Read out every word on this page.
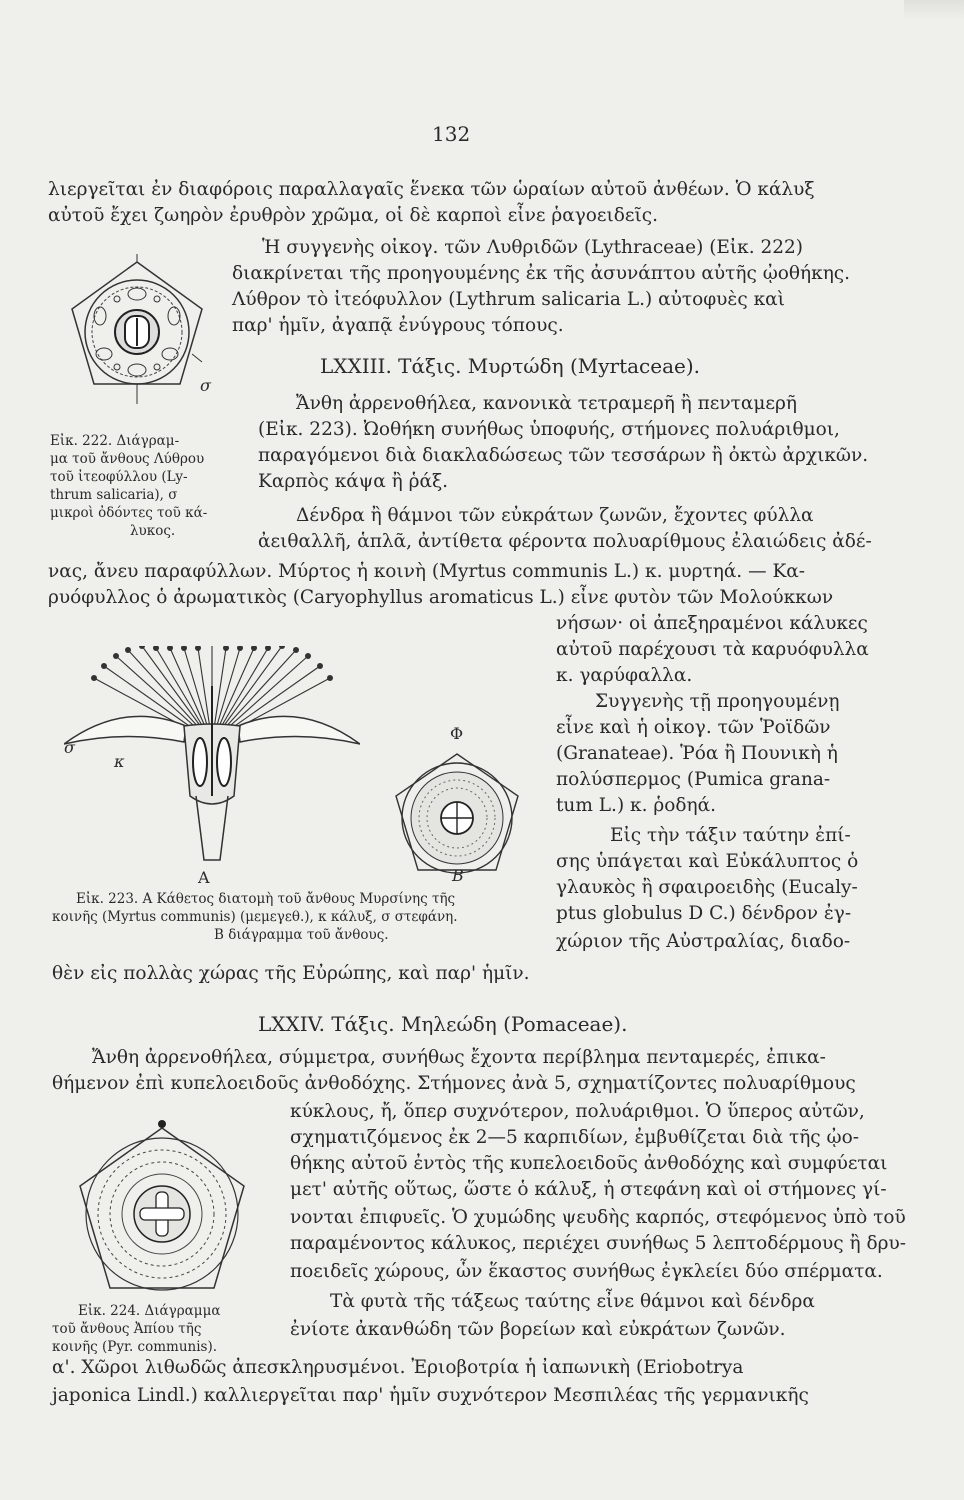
132
λιεργεῖται ἐν διαφόροις παραλλαγαῖς ἕνεκα τῶν ὡραίων αὐτοῦ ἀνθέων. Ὁ κάλυξ
αὐτοῦ ἔχει ζωηρὸν ἐρυθρὸν χρῶμα, οἱ δὲ καρποὶ εἶνε ῥαγοειδεῖς.
Ἡ συγγενὴς οἰκογ. τῶν Λυθριδῶν (Lythraceae) (Εἰκ. 222)
διακρίνεται τῆς προηγουμένης ἐκ τῆς ἀσυνάπτου αὐτῆς ᾠοθήκης.
Λύθρον τὸ ἰτεόφυλλον (Lythrum salicaria L.) αὐτοφυὲς καὶ
παρ' ἡμῖν, ἀγαπᾷ ἐνύγρους τόπους.
LXXIII. Τάξις. Μυρτώδη (Myrtaceae).
Ἄνθη ἀρρενοθήλεα, κανονικὰ τετραμερῆ ἢ πενταμερῆ
(Εἰκ. 223). Ὠοθήκη συνήθως ὑποφυής, στήμονες πολυάριθμοι,
παραγόμενοι διὰ διακλαδώσεως τῶν τεσσάρων ἢ ὀκτὼ ἀρχικῶν.
Καρπὸς κάψα ἢ ῥάξ.
Δένδρα ἢ θάμνοι τῶν εὐκράτων ζωνῶν, ἔχοντες φύλλα
ἀειθαλλῆ, ἁπλᾶ, ἀντίθετα φέροντα πολυαρίθμους ἐλαιώδεις ἀδέ-
νας, ἄνευ παραφύλλων. Μύρτος ἡ κοινὴ (Myrtus communis L.) κ. μυρτηά. — Κα-
ρυόφυλλος ὁ ἀρωματικὸς (Caryophyllus aromaticus L.) εἶνε φυτὸν τῶν Μολούκκων
νήσων· οἱ ἀπεξηραμένοι κάλυκες
αὐτοῦ παρέχουσι τὰ καρυόφυλλα
κ. γαρύφαλλα.
Συγγενὴς τῇ προηγουμένῃ
εἶνε καὶ ἡ οἰκογ. τῶν Ῥοϊδῶν
(Granateae). Ῥόα ἢ Πουνικὴ ἡ
πολύσπερμος (Pumica grana-
tum L.) κ. ῥοδηά.
Εἰς τὴν τάξιν ταύτην ἐπί-
σης ὑπάγεται καὶ Εὐκάλυπτος ὁ
γλαυκὸς ἢ σφαιροειδὴς (Eucaly-
ptus globulus D C.) δένδρον ἐγ-
χώριον τῆς Αὐστραλίας, διαδο-
θὲν εἰς πολλὰς χώρας τῆς Εὐρώπης, καὶ παρ' ἡμῖν.
LXXIV. Τάξις. Μηλεώδη (Pomaceae).
Ἄνθη ἀρρενοθήλεα, σύμμετρα, συνήθως ἔχοντα περίβλημα πενταμερές, ἐπικα-
θήμενον ἐπὶ κυπελοειδοῦς ἀνθοδόχης. Στήμονες ἀνὰ 5, σχηματίζοντες πολυαρίθμους
κύκλους, ἤ, ὅπερ συχνότερον, πολυάριθμοι. Ὁ ὕπερος αὐτῶν,
σχηματιζόμενος ἐκ 2—5 καρπιδίων, ἐμβυθίζεται διὰ τῆς ᾠο-
θήκης αὐτοῦ ἐντὸς τῆς κυπελοειδοῦς ἀνθοδόχης καὶ συμφύεται
μετ' αὐτῆς οὕτως, ὥστε ὁ κάλυξ, ἡ στεφάνη καὶ οἱ στήμονες γί-
νονται ἐπιφυεῖς. Ὁ χυμώδης ψευδὴς καρπός, στεφόμενος ὑπὸ τοῦ
παραμένοντος κάλυκος, περιέχει συνήθως 5 λεπτοδέρμους ἢ δρυ-
ποειδεῖς χώρους, ὧν ἕκαστος συνήθως ἐγκλείει δύο σπέρματα.
Τὰ φυτὰ τῆς τάξεως ταύτης εἶνε θάμνοι καὶ δένδρα
ἐνίοτε ἀκανθώδη τῶν βορείων καὶ εὐκράτων ζωνῶν.
α'. Χῶροι λιθωδῶς ἀπεσκληρυσμένοι. Ἐριοβοτρία ἡ ἰαπωνικὴ (Eriobotrya
japonica Lindl.) καλλιεργεῖται παρ' ἡμῖν συχνότερον Μεσπιλέας τῆς γερμανικῆς
σ
Εἰκ. 222. Διάγραμ-
μα τοῦ ἄνθους Λύθρου
τοῦ ἰτεοφύλλου (Ly-
thrum salicaria), σ
μικροὶ ὀδόντες τοῦ κά-
λυκος.
σ
κ
A
Φ
B
Εἰκ. 223. A Κάθετος διατομὴ τοῦ ἄνθους Μυρσίνης τῆς
κοινῆς (Myrtus communis) (μεμεγεθ.), κ κάλυξ, σ στεφάνη.
B διάγραμμα τοῦ ἄνθους.
Εἰκ. 224. Διάγραμμα
τοῦ ἄνθους Ἀπίου τῆς
κοινῆς (Pyr. communis).
